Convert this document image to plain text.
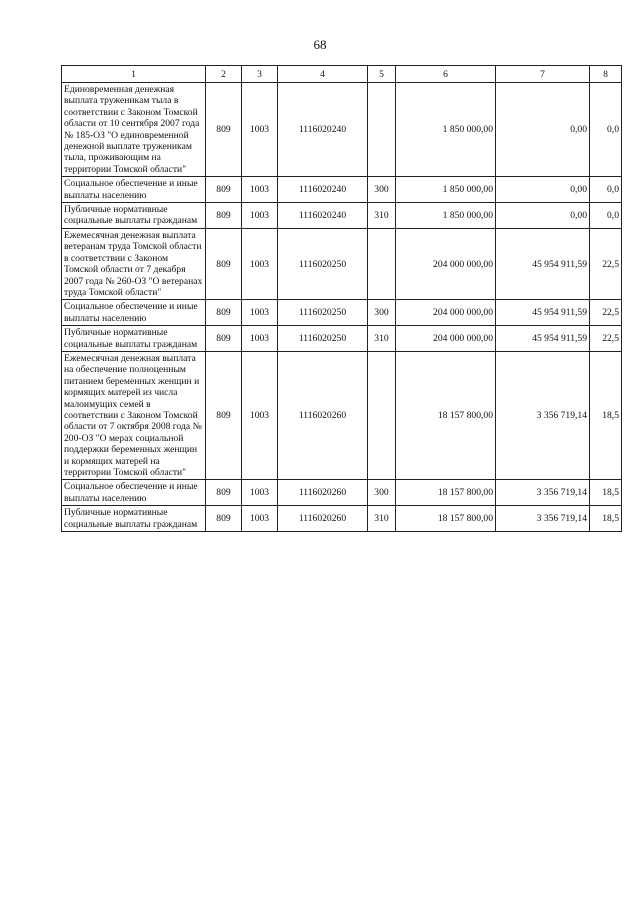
68
1	2	3	4	5	6	7	8
Единовременная денежная выплата труженикам тыла в соответствии с Законом Томской области от 10 сентября 2007 года № 185-ОЗ "О единовременной денежной выплате труженикам тыла, проживающим на территории Томской области"	809	1003	1116020240		1 850 000,00	0,00	0,0
Социальное обеспечение и иные выплаты населению	809	1003	1116020240	300	1 850 000,00	0,00	0,0
Публичные нормативные социальные выплаты гражданам	809	1003	1116020240	310	1 850 000,00	0,00	0,0
Ежемесячная денежная выплата ветеранам труда Томской области в соответствии с Законом Томской области от 7 декабря 2007 года № 260-ОЗ "О ветеранах труда Томской области"	809	1003	1116020250		204 000 000,00	45 954 911,59	22,5
Социальное обеспечение и иные выплаты населению	809	1003	1116020250	300	204 000 000,00	45 954 911,59	22,5
Публичные нормативные социальные выплаты гражданам	809	1003	1116020250	310	204 000 000,00	45 954 911,59	22,5
Ежемесячная денежная выплата на обеспечение полноценным питанием беременных женщин и кормящих матерей из числа малоимущих семей в соответствии с Законом Томской области от 7 октября 2008 года № 200-ОЗ "О мерах социальной поддержки беременных женщин и кормящих матерей на территории Томской области"	809	1003	1116020260		18 157 800,00	3 356 719,14	18,5
Социальное обеспечение и иные выплаты населению	809	1003	1116020260	300	18 157 800,00	3 356 719,14	18,5
Публичные нормативные социальные выплаты гражданам	809	1003	1116020260	310	18 157 800,00	3 356 719,14	18,5
